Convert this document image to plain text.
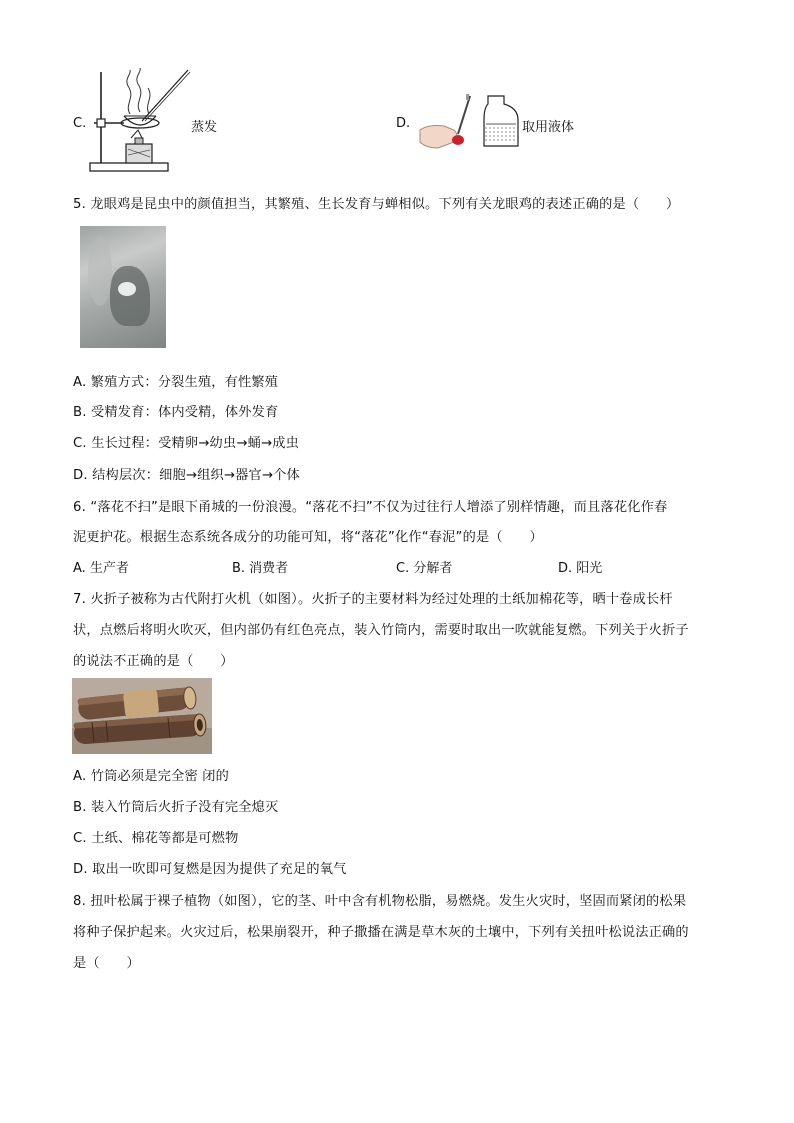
C.	蒸发	D.	取用液体
5. 龙眼鸡是昆虫中的颜值担当，其繁殖、生长发育与蝉相似。下列有关龙眼鸡的表述正确的是（　　）
A. 繁殖方式：分裂生殖，有性繁殖
B. 受精发育：体内受精，体外发育
C. 生长过程：受精卵→幼虫→蛹→成虫
D. 结构层次：细胞→组织→器官→个体
6. “落花不扫”是眼下甬城的一份浪漫。“落花不扫”不仅为过往行人增添了别样情趣，而且落花化作春
泥更护花。根据生态系统各成分的功能可知，将“落花”化作“春泥”的是（　　）
A. 生产者	B. 消费者	C. 分解者	D. 阳光
7. 火折子被称为古代附打火机（如图）。火折子的主要材料为经过处理的土纸加棉花等，晒十卷成长杆
状，点燃后将明火吹灭，但内部仍有红色亮点，装入竹筒内，需要时取出一吹就能复燃。下列关于火折子
的说法不正确的是（　　）
A. 竹筒必须是完全密 闭的
B. 装入竹筒后火折子没有完全熄灭
C. 土纸、棉花等都是可燃物
D. 取出一吹即可复燃是因为提供了充足的氧气
8. 扭叶松属于裸子植物（如图），它的茎、叶中含有机物松脂，易燃烧。发生火灾时，坚固而紧闭的松果
将种子保护起来。火灾过后，松果崩裂开，种子撒播在满是草木灰的土壤中，下列有关扭叶松说法正确的
是（　　）
